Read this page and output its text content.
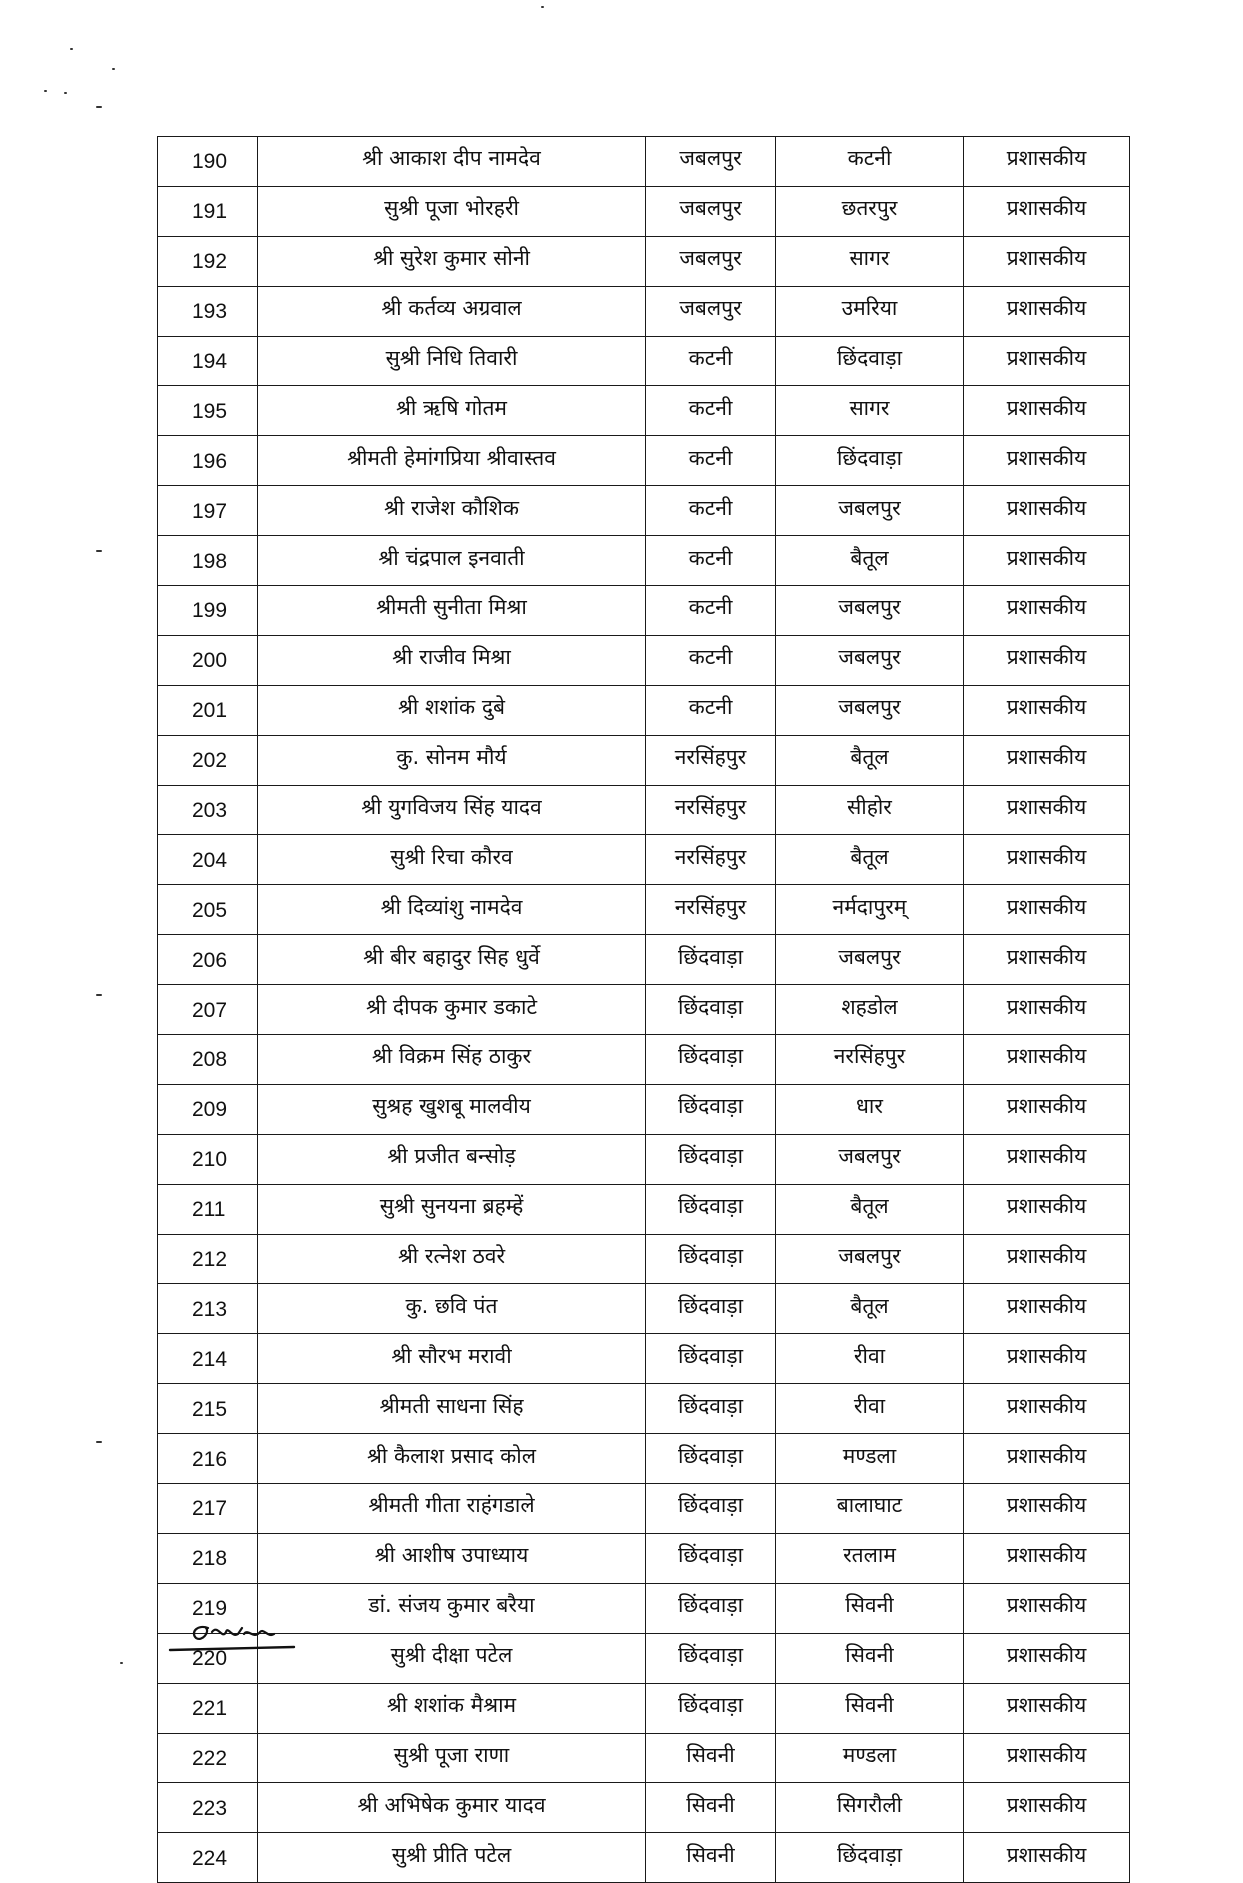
190	श्री आकाश दीप नामदेव	जबलपुर	कटनी	प्रशासकीय
191	सुश्री पूजा भोरहरी	जबलपुर	छतरपुर	प्रशासकीय
192	श्री सुरेश कुमार सोनी	जबलपुर	सागर	प्रशासकीय
193	श्री कर्तव्य अग्रवाल	जबलपुर	उमरिया	प्रशासकीय
194	सुश्री निधि तिवारी	कटनी	छिंदवाड़ा	प्रशासकीय
195	श्री ऋषि गोतम	कटनी	सागर	प्रशासकीय
196	श्रीमती हेमांगप्रिया श्रीवास्तव	कटनी	छिंदवाड़ा	प्रशासकीय
197	श्री राजेश कौशिक	कटनी	जबलपुर	प्रशासकीय
198	श्री चंद्रपाल इनवाती	कटनी	बैतूल	प्रशासकीय
199	श्रीमती सुनीता मिश्रा	कटनी	जबलपुर	प्रशासकीय
200	श्री राजीव मिश्रा	कटनी	जबलपुर	प्रशासकीय
201	श्री शशांक दुबे	कटनी	जबलपुर	प्रशासकीय
202	कु. सोनम मौर्य	नरसिंहपुर	बैतूल	प्रशासकीय
203	श्री युगविजय सिंह यादव	नरसिंहपुर	सीहोर	प्रशासकीय
204	सुश्री रिचा कौरव	नरसिंहपुर	बैतूल	प्रशासकीय
205	श्री दिव्यांशु नामदेव	नरसिंहपुर	नर्मदापुरम्	प्रशासकीय
206	श्री बीर बहादुर सिह धुर्वे	छिंदवाड़ा	जबलपुर	प्रशासकीय
207	श्री दीपक कुमार डकाटे	छिंदवाड़ा	शहडोल	प्रशासकीय
208	श्री विक्रम सिंह ठाकुर	छिंदवाड़ा	नरसिंहपुर	प्रशासकीय
209	सुश्रह खुशबू मालवीय	छिंदवाड़ा	धार	प्रशासकीय
210	श्री प्रजीत बन्सोड़	छिंदवाड़ा	जबलपुर	प्रशासकीय
211	सुश्री सुनयना ब्रहम्हें	छिंदवाड़ा	बैतूल	प्रशासकीय
212	श्री रत्नेश ठवरे	छिंदवाड़ा	जबलपुर	प्रशासकीय
213	कु. छवि पंत	छिंदवाड़ा	बैतूल	प्रशासकीय
214	श्री सौरभ मरावी	छिंदवाड़ा	रीवा	प्रशासकीय
215	श्रीमती साधना सिंह	छिंदवाड़ा	रीवा	प्रशासकीय
216	श्री कैलाश प्रसाद कोल	छिंदवाड़ा	मण्डला	प्रशासकीय
217	श्रीमती गीता राहंगडाले	छिंदवाड़ा	बालाघाट	प्रशासकीय
218	श्री आशीष उपाध्याय	छिंदवाड़ा	रतलाम	प्रशासकीय
219	डां. संजय कुमार बरैया	छिंदवाड़ा	सिवनी	प्रशासकीय
220	सुश्री दीक्षा पटेल	छिंदवाड़ा	सिवनी	प्रशासकीय
221	श्री शशांक मैश्राम	छिंदवाड़ा	सिवनी	प्रशासकीय
222	सुश्री पूजा राणा	सिवनी	मण्डला	प्रशासकीय
223	श्री अभिषेक कुमार यादव	सिवनी	सिगरौली	प्रशासकीय
224	सुश्री प्रीति पटेल	सिवनी	छिंदवाड़ा	प्रशासकीय
